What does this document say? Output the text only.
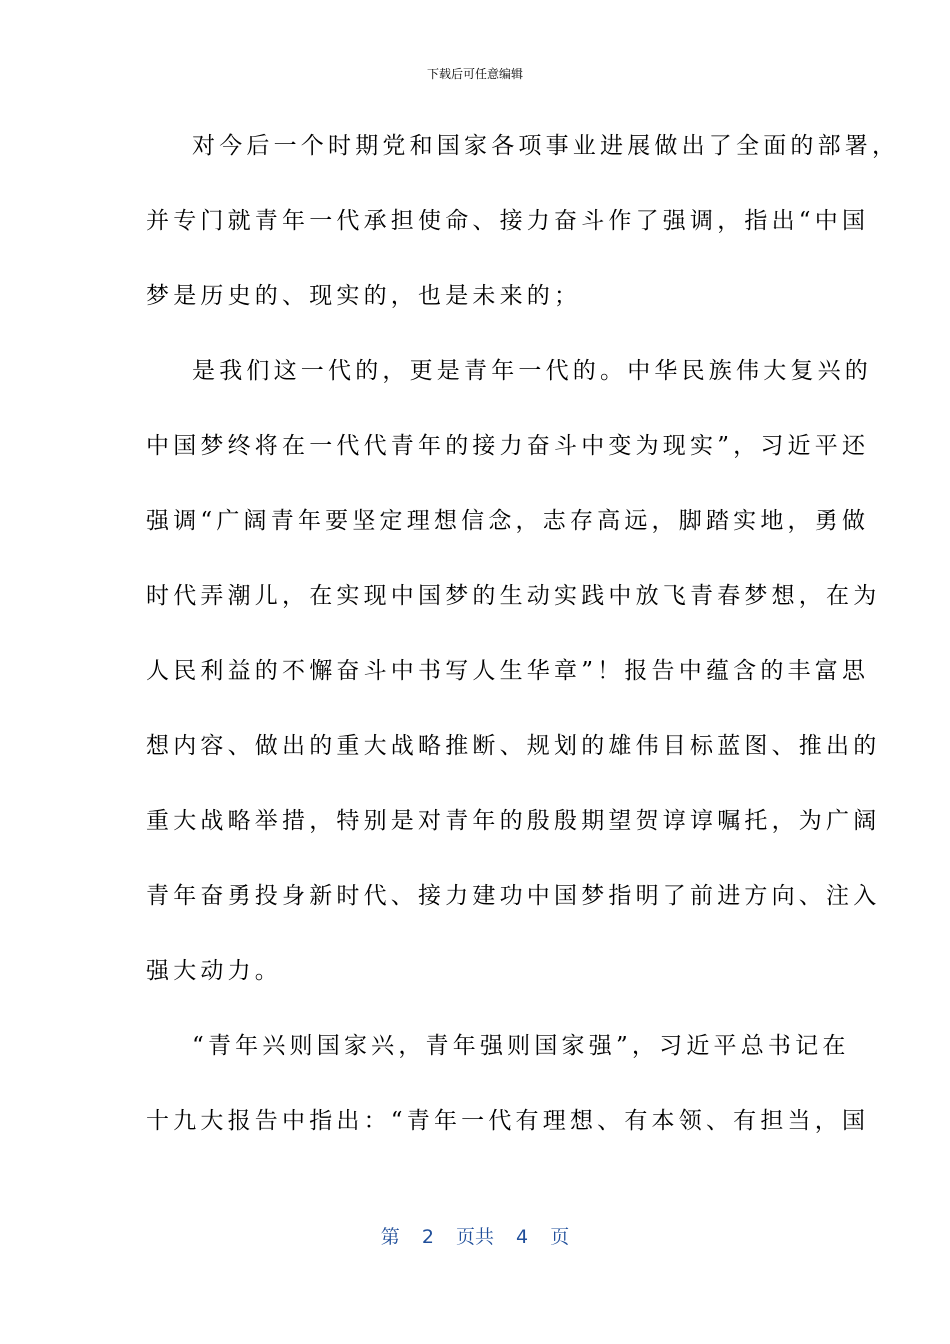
下载后可任意编辑
对今后一个时期党和国家各项事业进展做出了全面的部署，
并专门就青年一代承担使命、接力奋斗作了强调，指出“中国
梦是历史的、现实的，也是未来的；
是我们这一代的，更是青年一代的。中华民族伟大复兴的
中国梦终将在一代代青年的接力奋斗中变为现实”，习近平还
强调“广阔青年要坚定理想信念，志存高远，脚踏实地，勇做
时代弄潮儿，在实现中国梦的生动实践中放飞青春梦想，在为
人民利益的不懈奋斗中书写人生华章”！报告中蕴含的丰富思
想内容、做出的重大战略推断、规划的雄伟目标蓝图、推出的
重大战略举措，特别是对青年的殷殷期望贺谆谆嘱托，为广阔
青年奋勇投身新时代、接力建功中国梦指明了前进方向、注入
强大动力。
“青年兴则国家兴，青年强则国家强”，习近平总书记在
十九大报告中指出：“青年一代有理想、有本领、有担当，国
第 2 页共 4 页
